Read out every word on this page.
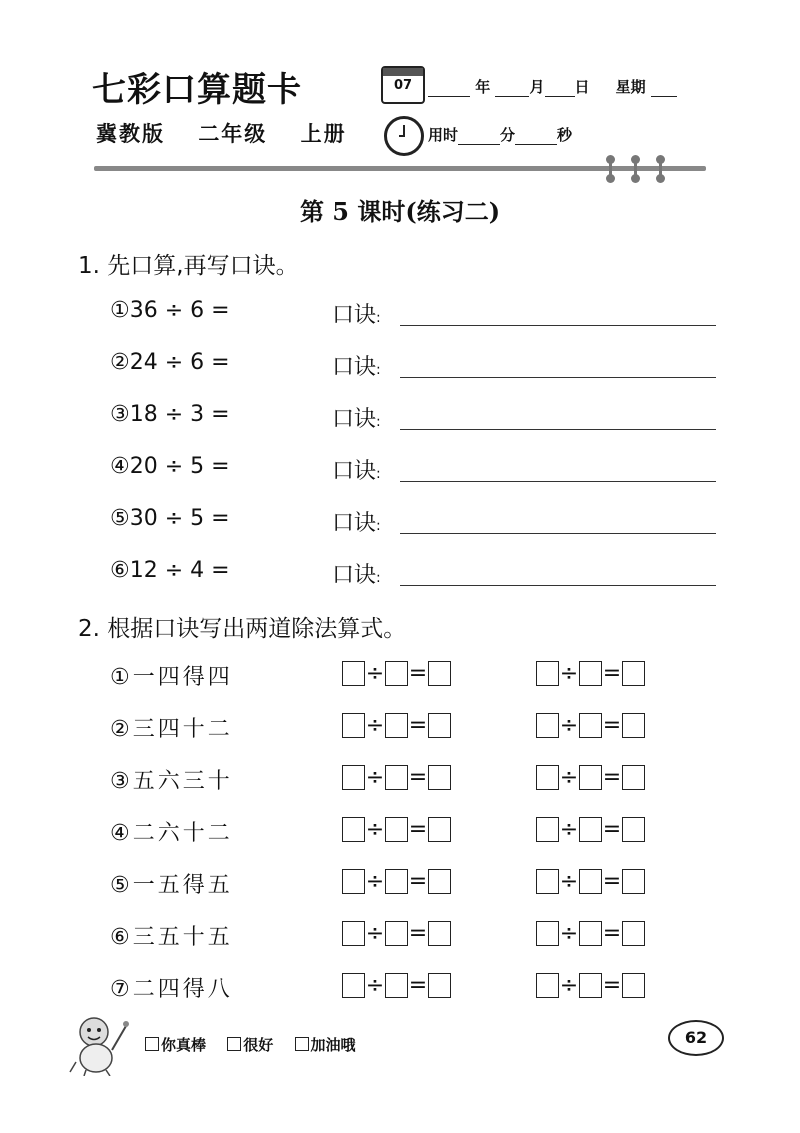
七彩口算题卡
冀教版 二年级 上册
07	年	月 日 星期
用时	分	秒
第 5 课时(练习二)
1. 先口算,再写口诀。
①36 ÷ 6 =	口诀:
②24 ÷ 6 =	口诀:
③18 ÷ 3 =	口诀:
④20 ÷ 5 =	口诀:
⑤30 ÷ 5 =	口诀:
⑥12 ÷ 4 =	口诀:
2. 根据口诀写出两道除法算式。
①一四得四	÷ =	÷ =
②三四十二	÷ =	÷ =
③五六三十	÷ =	÷ =
④二六十二	÷ =	÷ =
⑤一五得五	÷ =	÷ =
⑥三五十五	÷ =	÷ =
⑦二四得八	÷ =	÷ =
你真棒 很好 加油哦	62
